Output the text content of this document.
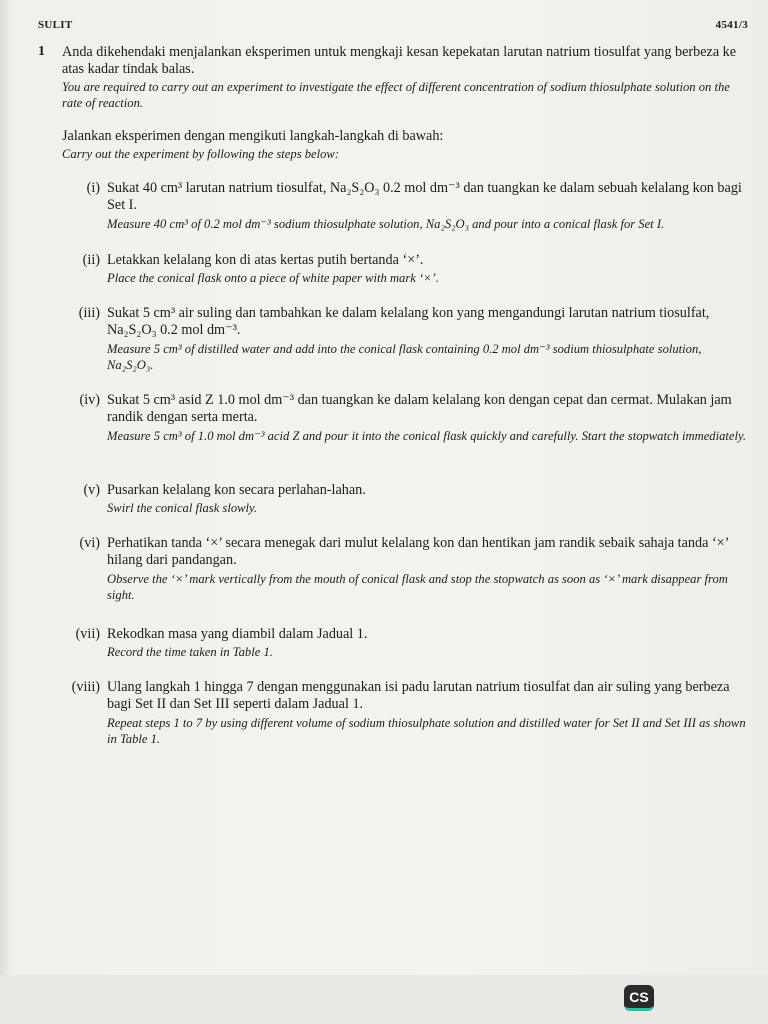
SULIT	4541/3
1 Anda dikehendaki menjalankan eksperimen untuk mengkaji kesan kepekatan larutan natrium tiosulfat yang berbeza ke atas kadar tindak balas.
You are required to carry out an experiment to investigate the effect of different concentration of sodium thiosulphate solution on the rate of reaction.
Jalankan eksperimen dengan mengikuti langkah-langkah di bawah:
Carry out the experiment by following the steps below:
(i) Sukat 40 cm³ larutan natrium tiosulfat, Na₂S₂O₃ 0.2 mol dm⁻³ dan tuangkan ke dalam sebuah kelalang kon bagi Set I.
Measure 40 cm³ of 0.2 mol dm⁻³ sodium thiosulphate solution, Na₂S₂O₃ and pour into a conical flask for Set I.
(ii) Letakkan kelalang kon di atas kertas putih bertanda ‘×’.
Place the conical flask onto a piece of white paper with mark ‘×’.
(iii) Sukat 5 cm³ air suling dan tambahkan ke dalam kelalang kon yang mengandungi larutan natrium tiosulfat, Na₂S₂O₃ 0.2 mol dm⁻³.
Measure 5 cm³ of distilled water and add into the conical flask containing 0.2 mol dm⁻³ sodium thiosulphate solution, Na₂S₂O₃.
(iv) Sukat 5 cm³ asid Z 1.0 mol dm⁻³ dan tuangkan ke dalam kelalang kon dengan cepat dan cermat. Mulakan jam randik dengan serta merta.
Measure 5 cm³ of 1.0 mol dm⁻³ acid Z and pour it into the conical flask quickly and carefully. Start the stopwatch immediately.
(v) Pusarkan kelalang kon secara perlahan-lahan.
Swirl the conical flask slowly.
(vi) Perhatikan tanda ‘×’ secara menegak dari mulut kelalang kon dan hentikan jam randik sebaik sahaja tanda ‘×’ hilang dari pandangan.
Observe the ‘×’ mark vertically from the mouth of conical flask and stop the stopwatch as soon as ‘×’ mark disappear from sight.
(vii) Rekodkan masa yang diambil dalam Jadual 1.
Record the time taken in Table 1.
(viii) Ulang langkah 1 hingga 7 dengan menggunakan isi padu larutan natrium tiosulfat dan air suling yang berbeza bagi Set II dan Set III seperti dalam Jadual 1.
Repeat steps 1 to 7 by using different volume of sodium thiosulphate solution and distilled water for Set II and Set III as shown in Table 1.
CS
